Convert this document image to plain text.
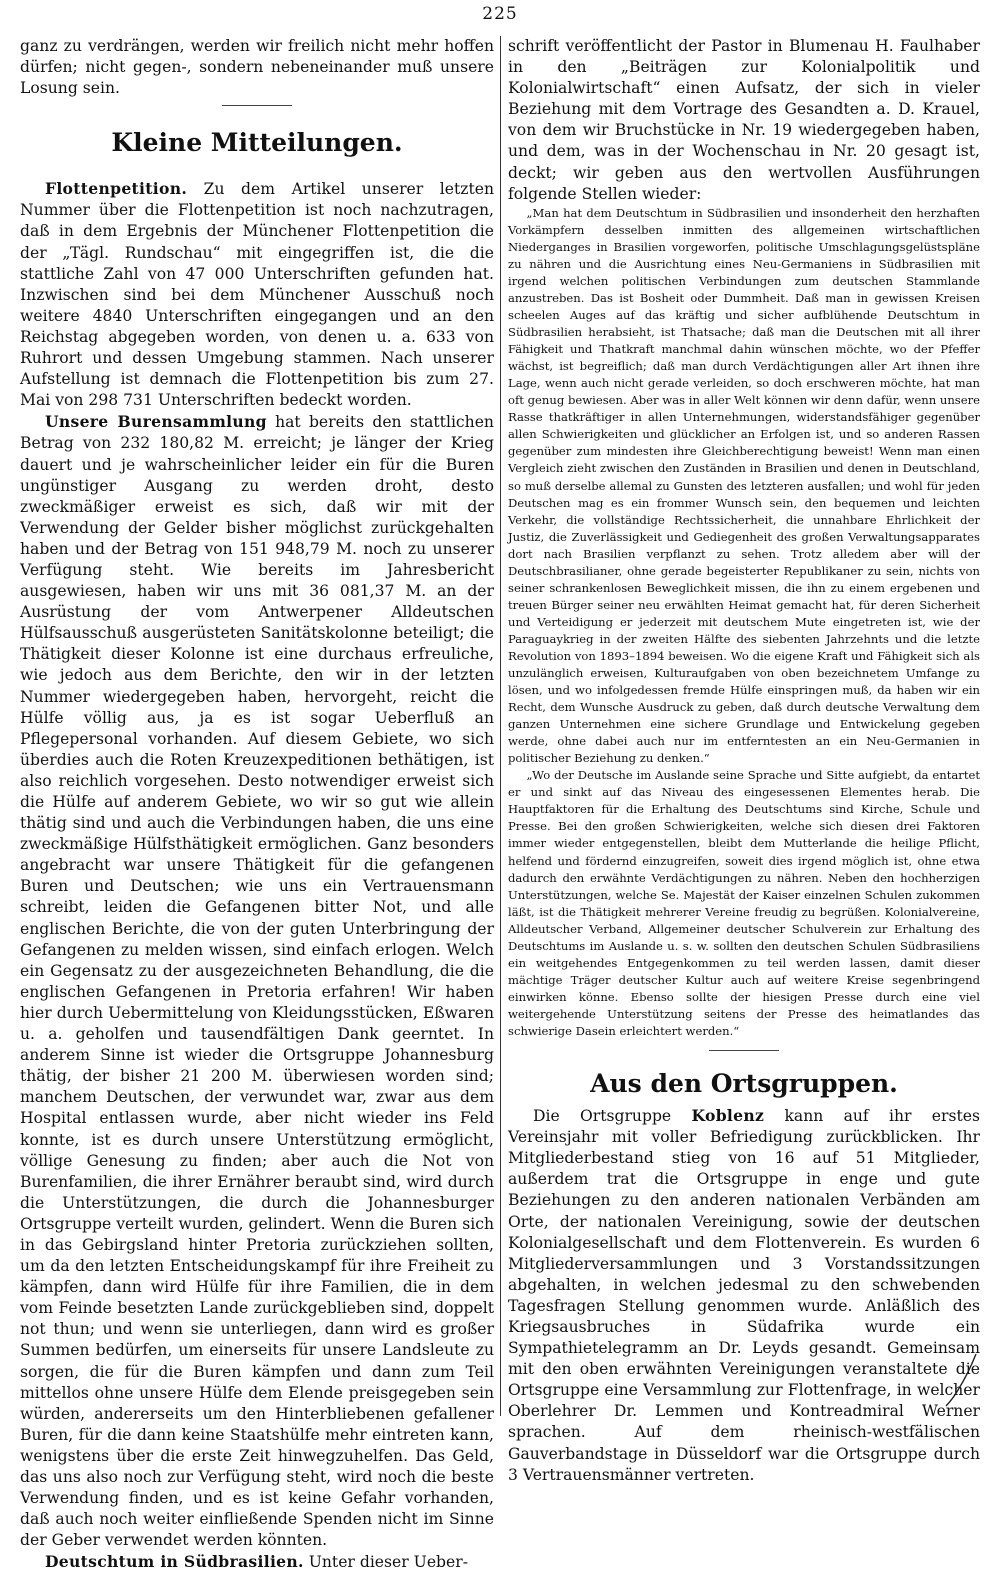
225

ganz zu verdrängen, werden wir freilich nicht mehr hoffen dürfen; nicht gegen-, sondern nebeneinander muß unsere Losung sein.

Kleine Mitteilungen.

Flottenpetition. Zu dem Artikel unserer letzten Nummer über die Flottenpetition ist noch nachzutragen, daß in dem Ergebnis der Münchener Flottenpetition die der „Tägl. Rundschau“ mit eingegriffen ist, die die stattliche Zahl von 47 000 Unterschriften gefunden hat. Inzwischen sind bei dem Münchener Ausschuß noch weitere 4840 Unterschriften eingegangen und an den Reichstag abgegeben worden, von denen u. a. 633 von Ruhrort und dessen Umgebung stammen. Nach unserer Aufstellung ist demnach die Flottenpetition bis zum 27. Mai von 298 731 Unterschriften bedeckt worden.

Unsere Burensammlung hat bereits den stattlichen Betrag von 232 180,82 M. erreicht; je länger der Krieg dauert und je wahrscheinlicher leider ein für die Buren ungünstiger Ausgang zu werden droht, desto zweckmäßiger erweist es sich, daß wir mit der Verwendung der Gelder bisher möglichst zurückgehalten haben und der Betrag von 151 948,79 M. noch zu unserer Verfügung steht. Wie bereits im Jahresbericht ausgewiesen, haben wir uns mit 36 081,37 M. an der Ausrüstung der vom Antwerpener Alldeutschen Hülfsausschuß ausgerüsteten Sanitätskolonne beteiligt; die Thätigkeit dieser Kolonne ist eine durchaus erfreuliche, wie jedoch aus dem Berichte, den wir in der letzten Nummer wiedergegeben haben, hervorgeht, reicht die Hülfe völlig aus, ja es ist sogar Ueberfluß an Pflegepersonal vorhanden. Auf diesem Gebiete, wo sich überdies auch die Roten Kreuzexpeditionen bethätigen, ist also reichlich vorgesehen. Desto notwendiger erweist sich die Hülfe auf anderem Gebiete, wo wir so gut wie allein thätig sind und auch die Verbindungen haben, die uns eine zweckmäßige Hülfsthätigkeit ermöglichen. Ganz besonders angebracht war unsere Thätigkeit für die gefangenen Buren und Deutschen; wie uns ein Vertrauensmann schreibt, leiden die Gefangenen bitter Not, und alle englischen Berichte, die von der guten Unterbringung der Gefangenen zu melden wissen, sind einfach erlogen. Welch ein Gegensatz zu der ausgezeichneten Behandlung, die die englischen Gefangenen in Pretoria erfahren! Wir haben hier durch Uebermittelung von Kleidungsstücken, Eßwaren u. a. geholfen und tausendfältigen Dank geerntet. In anderem Sinne ist wieder die Ortsgruppe Johannesburg thätig, der bisher 21 200 M. überwiesen worden sind; manchem Deutschen, der verwundet war, zwar aus dem Hospital entlassen wurde, aber nicht wieder ins Feld konnte, ist es durch unsere Unterstützung ermöglicht, völlige Genesung zu finden; aber auch die Not von Burenfamilien, die ihrer Ernährer beraubt sind, wird durch die Unterstützungen, die durch die Johannesburger Ortsgruppe verteilt wurden, gelindert. Wenn die Buren sich in das Gebirgsland hinter Pretoria zurückziehen sollten, um da den letzten Entscheidungskampf für ihre Freiheit zu kämpfen, dann wird Hülfe für ihre Familien, die in dem vom Feinde besetzten Lande zurückgeblieben sind, doppelt not thun; und wenn sie unterliegen, dann wird es großer Summen bedürfen, um einerseits für unsere Landsleute zu sorgen, die für die Buren kämpfen und dann zum Teil mittellos ohne unsere Hülfe dem Elende preisgegeben sein würden, andererseits um den Hinterbliebenen gefallener Buren, für die dann keine Staatshülfe mehr eintreten kann, wenigstens über die erste Zeit hinwegzuhelfen. Das Geld, das uns also noch zur Verfügung steht, wird noch die beste Verwendung finden, und es ist keine Gefahr vorhanden, daß auch noch weiter einfließende Spenden nicht im Sinne der Geber verwendet werden könnten.

Deutschtum in Südbrasilien. Unter dieser Ueber-

schrift veröffentlicht der Pastor in Blumenau H. Faulhaber in den „Beiträgen zur Kolonialpolitik und Kolonialwirtschaft“ einen Aufsatz, der sich in vieler Beziehung mit dem Vortrage des Gesandten a. D. Krauel, von dem wir Bruchstücke in Nr. 19 wiedergegeben haben, und dem, was in der Wochenschau in Nr. 20 gesagt ist, deckt; wir geben aus den wertvollen Ausführungen folgende Stellen wieder:

„Man hat dem Deutschtum in Südbrasilien und insonderheit den herzhaften Vorkämpfern desselben inmitten des allgemeinen wirtschaftlichen Niederganges in Brasilien vorgeworfen, politische Umschlagungsgelüstspläne zu nähren und die Ausrichtung eines Neu-Germaniens in Südbrasilien mit irgend welchen politischen Verbindungen zum deutschen Stammlande anzustreben. Das ist Bosheit oder Dummheit. Daß man in gewissen Kreisen scheelen Auges auf das kräftig und sicher aufblühende Deutschtum in Südbrasilien herabsieht, ist Thatsache; daß man die Deutschen mit all ihrer Fähigkeit und Thatkraft manchmal dahin wünschen möchte, wo der Pfeffer wächst, ist begreiflich; daß man durch Verdächtigungen aller Art ihnen ihre Lage, wenn auch nicht gerade verleiden, so doch erschweren möchte, hat man oft genug bewiesen. Aber was in aller Welt können wir denn dafür, wenn unsere Rasse thatkräftiger in allen Unternehmungen, widerstandsfähiger gegenüber allen Schwierigkeiten und glücklicher an Erfolgen ist, und so anderen Rassen gegenüber zum mindesten ihre Gleichberechtigung beweist! Wenn man einen Vergleich zieht zwischen den Zuständen in Brasilien und denen in Deutschland, so muß derselbe allemal zu Gunsten des letzteren ausfallen; und wohl für jeden Deutschen mag es ein frommer Wunsch sein, den bequemen und leichten Verkehr, die vollständige Rechtssicherheit, die unnahbare Ehrlichkeit der Justiz, die Zuverlässigkeit und Gediegenheit des großen Verwaltungsapparates dort nach Brasilien verpflanzt zu sehen. Trotz alledem aber will der Deutschbrasilianer, ohne gerade begeisterter Republikaner zu sein, nichts von seiner schrankenlosen Beweglichkeit missen, die ihn zu einem ergebenen und treuen Bürger seiner neu erwählten Heimat gemacht hat, für deren Sicherheit und Verteidigung er jederzeit mit deutschem Mute eingetreten ist, wie der Paraguaykrieg in der zweiten Hälfte des siebenten Jahrzehnts und die letzte Revolution von 1893–1894 beweisen. Wo die eigene Kraft und Fähigkeit sich als unzulänglich erweisen, Kulturaufgaben von oben bezeichnetem Umfange zu lösen, und wo infolgedessen fremde Hülfe einspringen muß, da haben wir ein Recht, dem Wunsche Ausdruck zu geben, daß durch deutsche Verwaltung dem ganzen Unternehmen eine sichere Grundlage und Entwickelung gegeben werde, ohne dabei auch nur im entferntesten an ein Neu-Germanien in politischer Beziehung zu denken.“

„Wo der Deutsche im Auslande seine Sprache und Sitte aufgiebt, da entartet er und sinkt auf das Niveau des eingesessenen Elementes herab. Die Hauptfaktoren für die Erhaltung des Deutschtums sind Kirche, Schule und Presse. Bei den großen Schwierigkeiten, welche sich diesen drei Faktoren immer wieder entgegenstellen, bleibt dem Mutterlande die heilige Pflicht, helfend und fördernd einzugreifen, soweit dies irgend möglich ist, ohne etwa dadurch den erwähnte Verdächtigungen zu nähren. Neben den hochherzigen Unterstützungen, welche Se. Majestät der Kaiser einzelnen Schulen zukommen läßt, ist die Thätigkeit mehrerer Vereine freudig zu begrüßen. Kolonialvereine, Alldeutscher Verband, Allgemeiner deutscher Schulverein zur Erhaltung des Deutschtums im Auslande u. s. w. sollten den deutschen Schulen Südbrasiliens ein weitgehendes Entgegenkommen zu teil werden lassen, damit dieser mächtige Träger deutscher Kultur auch auf weitere Kreise segenbringend einwirken könne. Ebenso sollte der hiesigen Presse durch eine viel weitergehende Unterstützung seitens der Presse des heimatlandes das schwierige Dasein erleichtert werden.“

Aus den Ortsgruppen.

Die Ortsgruppe Koblenz kann auf ihr erstes Vereinsjahr mit voller Befriedigung zurückblicken. Ihr Mitgliederbestand stieg von 16 auf 51 Mitglieder, außerdem trat die Ortsgruppe in enge und gute Beziehungen zu den anderen nationalen Verbänden am Orte, der nationalen Vereinigung, sowie der deutschen Kolonialgesellschaft und dem Flottenverein. Es wurden 6 Mitgliederversammlungen und 3 Vorstandssitzungen abgehalten, in welchen jedesmal zu den schwebenden Tagesfragen Stellung genommen wurde. Anläßlich des Kriegsausbruches in Südafrika wurde ein Sympathietelegramm an Dr. Leyds gesandt. Gemeinsam mit den oben erwähnten Vereinigungen veranstaltete die Ortsgruppe eine Versammlung zur Flottenfrage, in welcher Oberlehrer Dr. Lemmen und Kontreadmiral Werner sprachen. Auf dem rheinisch-westfälischen Gauverbandstage in Düsseldorf war die Ortsgruppe durch 3 Vertrauensmänner vertreten.
